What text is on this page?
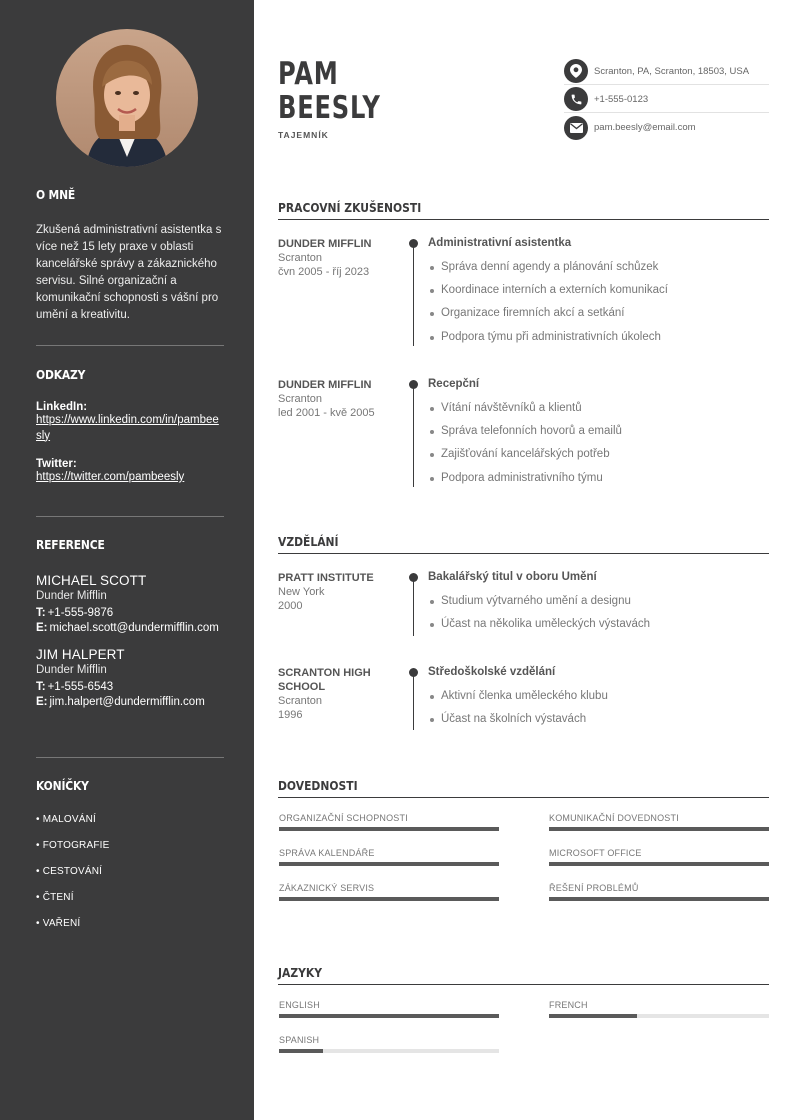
O MNĚ
Zkušená administrativní asistentka s více než 15 lety praxe v oblasti kancelářské správy a zákaznického servisu. Silné organizační a komunikační schopnosti s vášní pro umění a kreativitu.
ODKAZY
LinkedIn:
https://www.linkedin.com/in/pambeesly
Twitter:
https://twitter.com/pambeesly
REFERENCE
MICHAEL SCOTT
Dunder Mifflin
T: +1-555-9876
E: michael.scott@dundermifflin.com
JIM HALPERT
Dunder Mifflin
T: +1-555-6543
E: jim.halpert@dundermifflin.com
KONÍČKY
• MALOVÁNÍ
• FOTOGRAFIE
• CESTOVÁNÍ
• ČTENÍ
• VAŘENÍ
PAM
BEESLY
TAJEMNÍK
Scranton, PA, Scranton, 18503, USA
+1-555-0123
pam.beesly@email.com
PRACOVNÍ ZKUŠENOSTI
DUNDER MIFFLIN
Scranton
čvn 2005 - říj 2023
Administrativní asistentka
Správa denní agendy a plánování schůzek
Koordinace interních a externích komunikací
Organizace firemních akcí a setkání
Podpora týmu při administrativních úkolech
DUNDER MIFFLIN
Scranton
led 2001 - kvě 2005
Recepční
Vítání návštěvníků a klientů
Správa telefonních hovorů a emailů
Zajišťování kancelářských potřeb
Podpora administrativního týmu
VZDĚLÁNÍ
PRATT INSTITUTE
New York
2000
Bakalářský titul v oboru Umění
Studium výtvarného umění a designu
Účast na několika uměleckých výstavách
SCRANTON HIGH SCHOOL
Scranton
1996
Středoškolské vzdělání
Aktivní členka uměleckého klubu
Účast na školních výstavách
DOVEDNOSTI
ORGANIZAČNÍ SCHOPNOSTI	KOMUNIKAČNÍ DOVEDNOSTI
SPRÁVA KALENDÁŘE	MICROSOFT OFFICE
ZÁKAZNICKÝ SERVIS	ŘEŠENÍ PROBLÉMŮ
JAZYKY
ENGLISH	FRENCH
SPANISH
